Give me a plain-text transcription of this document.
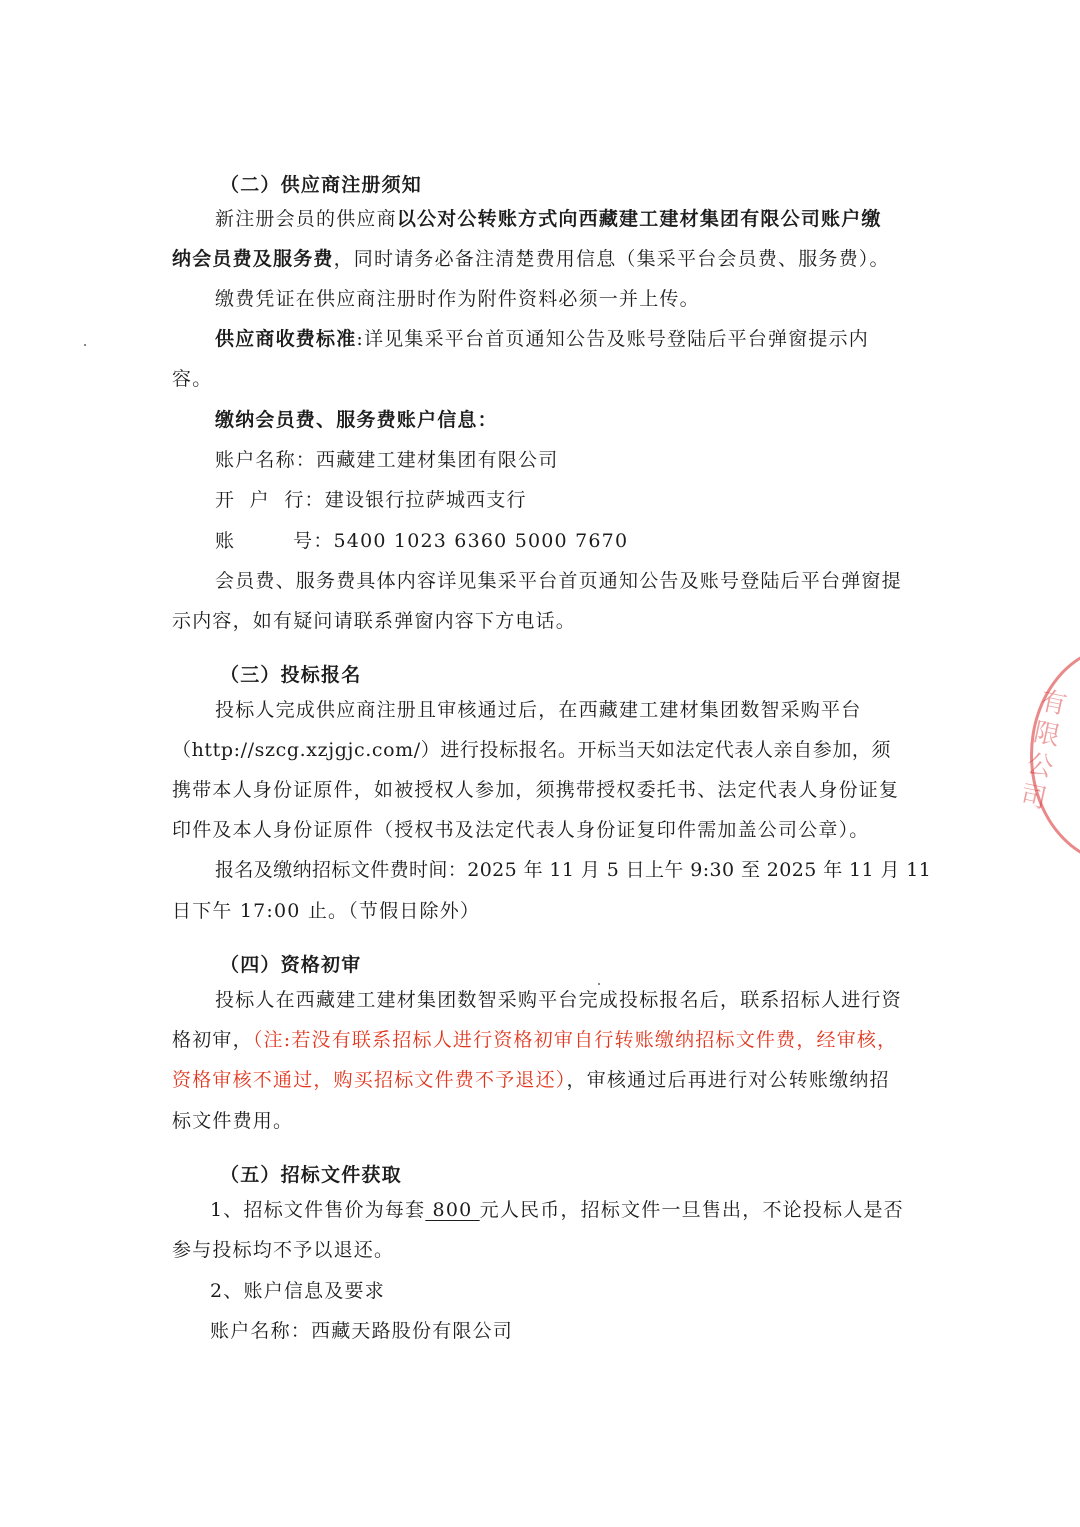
（二）供应商注册须知
新注册会员的供应商以公对公转账方式向西藏建工建材集团有限公司账户缴
纳会员费及服务费，同时请务必备注清楚费用信息（集采平台会员费、服务费）。
缴费凭证在供应商注册时作为附件资料必须一并上传。
供应商收费标准:详见集采平台首页通知公告及账号登陆后平台弹窗提示内
容。
缴纳会员费、服务费账户信息：
账户名称：西藏建工建材集团有限公司
开  户  行：建设银行拉萨城西支行
账        号：5400 1023 6360 5000 7670
会员费、服务费具体内容详见集采平台首页通知公告及账号登陆后平台弹窗提
示内容，如有疑问请联系弹窗内容下方电话。
（三）投标报名
投标人完成供应商注册且审核通过后，在西藏建工建材集团数智采购平台
（http://szcg.xzjgjc.com/）进行投标报名。开标当天如法定代表人亲自参加，须
携带本人身份证原件，如被授权人参加，须携带授权委托书、法定代表人身份证复
印件及本人身份证原件（授权书及法定代表人身份证复印件需加盖公司公章）。
报名及缴纳招标文件费时间：2025 年 11 月 5 日上午 9:30 至 2025 年 11 月 11
日下午 17:00 止。（节假日除外）
（四）资格初审
投标人在西藏建工建材集团数智采购平台完成投标报名后，联系招标人进行资
格初审，（注:若没有联系招标人进行资格初审自行转账缴纳招标文件费，经审核，
资格审核不通过，购买招标文件费不予退还），审核通过后再进行对公转账缴纳招
标文件费用。
（五）招标文件获取
1、招标文件售价为每套 800 元人民币，招标文件一旦售出，不论投标人是否
参与投标均不予以退还。
2、账户信息及要求
账户名称：西藏天路股份有限公司
有
限
公
司
